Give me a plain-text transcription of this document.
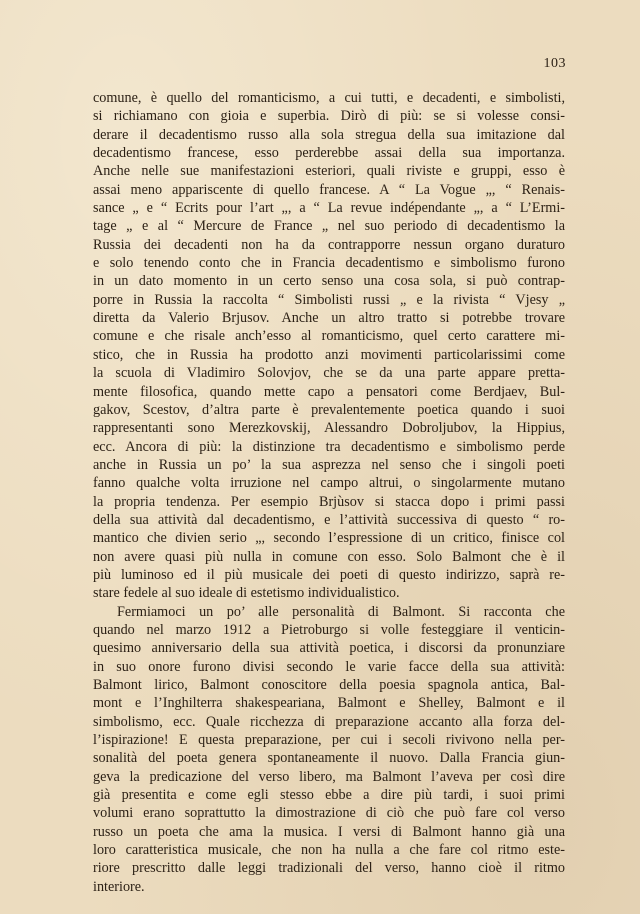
103

comune, è quello del romanticismo, a cui tutti, e decadenti, e simbolisti,
si richiamano con gioia e superbia. Dirò di più: se si volesse consi-
derare il decadentismo russo alla sola stregua della sua imitazione dal
decadentismo francese, esso perderebbe assai della sua importanza.
Anche nelle sue manifestazioni esteriori, quali riviste e gruppi, esso è
assai meno appariscente di quello francese. A “ La Vogue „, “ Renais-
sance „ e “ Ecrits pour l’art „, a “ La revue indépendante „, a “ L’Ermi-
tage „ e al “ Mercure de France „ nel suo periodo di decadentismo la
Russia dei decadenti non ha da contrapporre nessun organo duraturo
e solo tenendo conto che in Francia decadentismo e simbolismo furono
in un dato momento in un certo senso una cosa sola, si può contrap-
porre in Russia la raccolta “ Simbolisti russi „ e la rivista “ Vjesy „
diretta da Valerio Brjusov. Anche un altro tratto si potrebbe trovare
comune e che risale anch’esso al romanticismo, quel certo carattere mi-
stico, che in Russia ha prodotto anzi movimenti particolarissimi come
la scuola di Vladimiro Solovjov, che se da una parte appare pretta-
mente filosofica, quando mette capo a pensatori come Berdjaev, Bul-
gakov, Scestov, d’altra parte è prevalentemente poetica quando i suoi
rappresentanti sono Merezkovskij, Alessandro Dobroljubov, la Hippius,
ecc. Ancora di più: la distinzione tra decadentismo e simbolismo perde
anche in Russia un po’ la sua asprezza nel senso che i singoli poeti
fanno qualche volta irruzione nel campo altrui, o singolarmente mutano
la propria tendenza. Per esempio Brjùsov si stacca dopo i primi passi
della sua attività dal decadentismo, e l’attività successiva di questo “ ro-
mantico che divien serio „, secondo l’espressione di un critico, finisce col
non avere quasi più nulla in comune con esso. Solo Balmont che è il
più luminoso ed il più musicale dei poeti di questo indirizzo, saprà re-
stare fedele al suo ideale di estetismo individualistico.
Fermiamoci un po’ alle personalità di Balmont. Si racconta che
quando nel marzo 1912 a Pietroburgo si volle festeggiare il venticin-
quesimo anniversario della sua attività poetica, i discorsi da pronunziare
in suo onore furono divisi secondo le varie facce della sua attività:
Balmont lirico, Balmont conoscitore della poesia spagnola antica, Bal-
mont e l’Inghilterra shakespeariana, Balmont e Shelley, Balmont e il
simbolismo, ecc. Quale ricchezza di preparazione accanto alla forza del-
l’ispirazione! E questa preparazione, per cui i secoli rivivono nella per-
sonalità del poeta genera spontaneamente il nuovo. Dalla Francia giun-
geva la predicazione del verso libero, ma Balmont l’aveva per così dire
già presentita e come egli stesso ebbe a dire più tardi, i suoi primi
volumi erano soprattutto la dimostrazione di ciò che può fare col verso
russo un poeta che ama la musica. I versi di Balmont hanno già una
loro caratteristica musicale, che non ha nulla a che fare col ritmo este-
riore prescritto dalle leggi tradizionali del verso, hanno cioè il ritmo
interiore.
